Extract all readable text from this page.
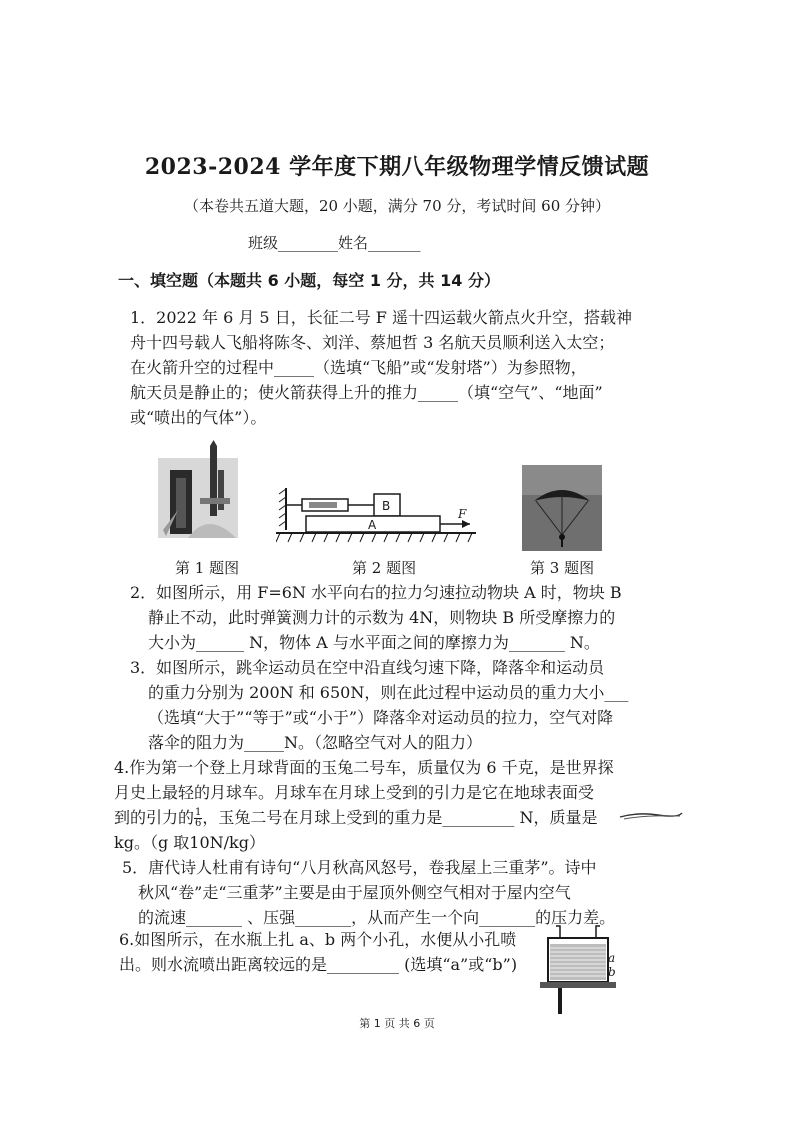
2023-2024 学年度下期八年级物理学情反馈试题
（本卷共五道大题，20 小题，满分 70 分，考试时间 60 分钟）
班级________姓名_______
一、填空题（本题共 6 小题，每空 1 分，共 14 分）
1．2022 年 6 月 5 日，长征二号 F 遥十四运载火箭点火升空，搭载神
舟十四号载人飞船将陈冬、刘洋、蔡旭哲 3 名航天员顺利送入太空；
在火箭升空的过程中_____（选填“飞船”或“发射塔”）为参照物，
航天员是静止的；使火箭获得上升的推力_____（填“空气”、“地面”
或“喷出的气体”）。
B
A
F
第 1 题图	第 2 题图	第 3 题图
2．如图所示，用 F=6N 水平向右的拉力匀速拉动物块 A 时，物块 B
静止不动，此时弹簧测力计的示数为 4N，则物块 B 所受摩擦力的
大小为______ N，物体 A 与水平面之间的摩擦力为_______ N。
3．如图所示，跳伞运动员在空中沿直线匀速下降，降落伞和运动员
的重力分别为 200N 和 650N，则在此过程中运动员的重力大小___
（选填“大于”“等于”或“小于”）降落伞对运动员的拉力，空气对降
落伞的阻力为_____N。（忽略空气对人的阻力）
4.作为第一个登上月球背面的玉兔二号车，质量仅为 6 千克，是世界探
月史上最轻的月球车。月球车在月球上受到的引力是它在地球表面受
到的引力的 $\frac{1}{6}$ ，玉兔二号在月球上受到的重力是_________ N，质量是
kg。（g 取10N/kg）
5．唐代诗人杜甫有诗句“八月秋高风怒号，卷我屋上三重茅”。诗中
秋风“卷”走“三重茅”主要是由于屋顶外侧空气相对于屋内空气
的流速_______ 、压强_______，从而产生一个向_______的压力差。
6.如图所示，在水瓶上扎 a、b 两个小孔，水便从小孔喷
出。则水流喷出距离较远的是_________ (选填“a”或“b”)	a
b
第 1 页 共 6 页
